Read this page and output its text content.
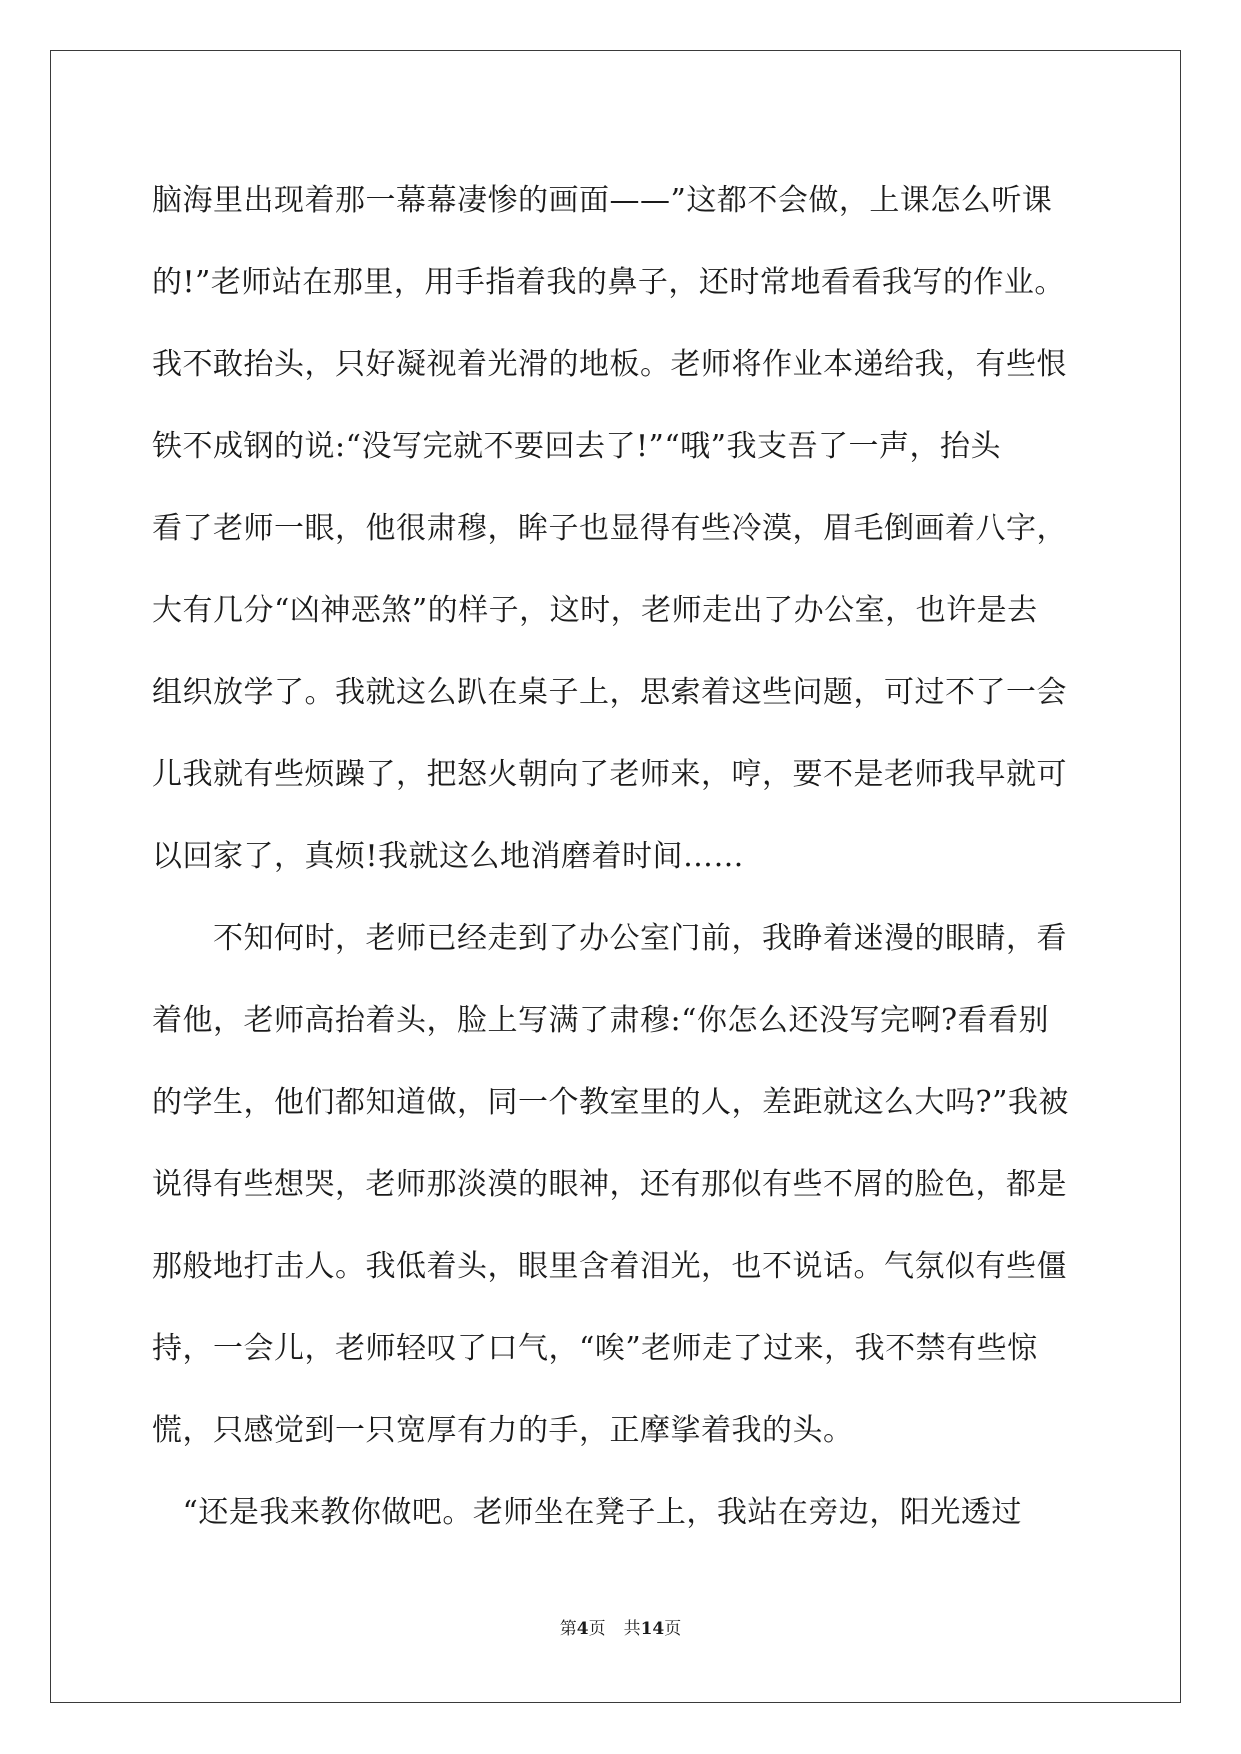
脑海里出现着那一幕幕凄惨的画面——”这都不会做，上课怎么听课
的!”老师站在那里，用手指着我的鼻子，还时常地看看我写的作业。
我不敢抬头，只好凝视着光滑的地板。老师将作业本递给我，有些恨
铁不成钢的说:“没写完就不要回去了!”“哦”我支吾了一声，抬头
看了老师一眼，他很肃穆，眸子也显得有些冷漠，眉毛倒画着八字，
大有几分“凶神恶煞”的样子，这时，老师走出了办公室，也许是去
组织放学了。我就这么趴在桌子上，思索着这些问题，可过不了一会
儿我就有些烦躁了，把怒火朝向了老师来，哼，要不是老师我早就可
以回家了，真烦!我就这么地消磨着时间……
　　不知何时，老师已经走到了办公室门前，我睁着迷漫的眼睛，看
着他，老师高抬着头，脸上写满了肃穆:“你怎么还没写完啊?看看别
的学生，他们都知道做，同一个教室里的人，差距就这么大吗?”我被
说得有些想哭，老师那淡漠的眼神，还有那似有些不屑的脸色，都是
那般地打击人。我低着头，眼里含着泪光，也不说话。气氛似有些僵
持，一会儿，老师轻叹了口气，“唉”老师走了过来，我不禁有些惊
慌，只感觉到一只宽厚有力的手，正摩挲着我的头。
　“还是我来教你做吧。老师坐在凳子上，我站在旁边，阳光透过
第4页 共14页
